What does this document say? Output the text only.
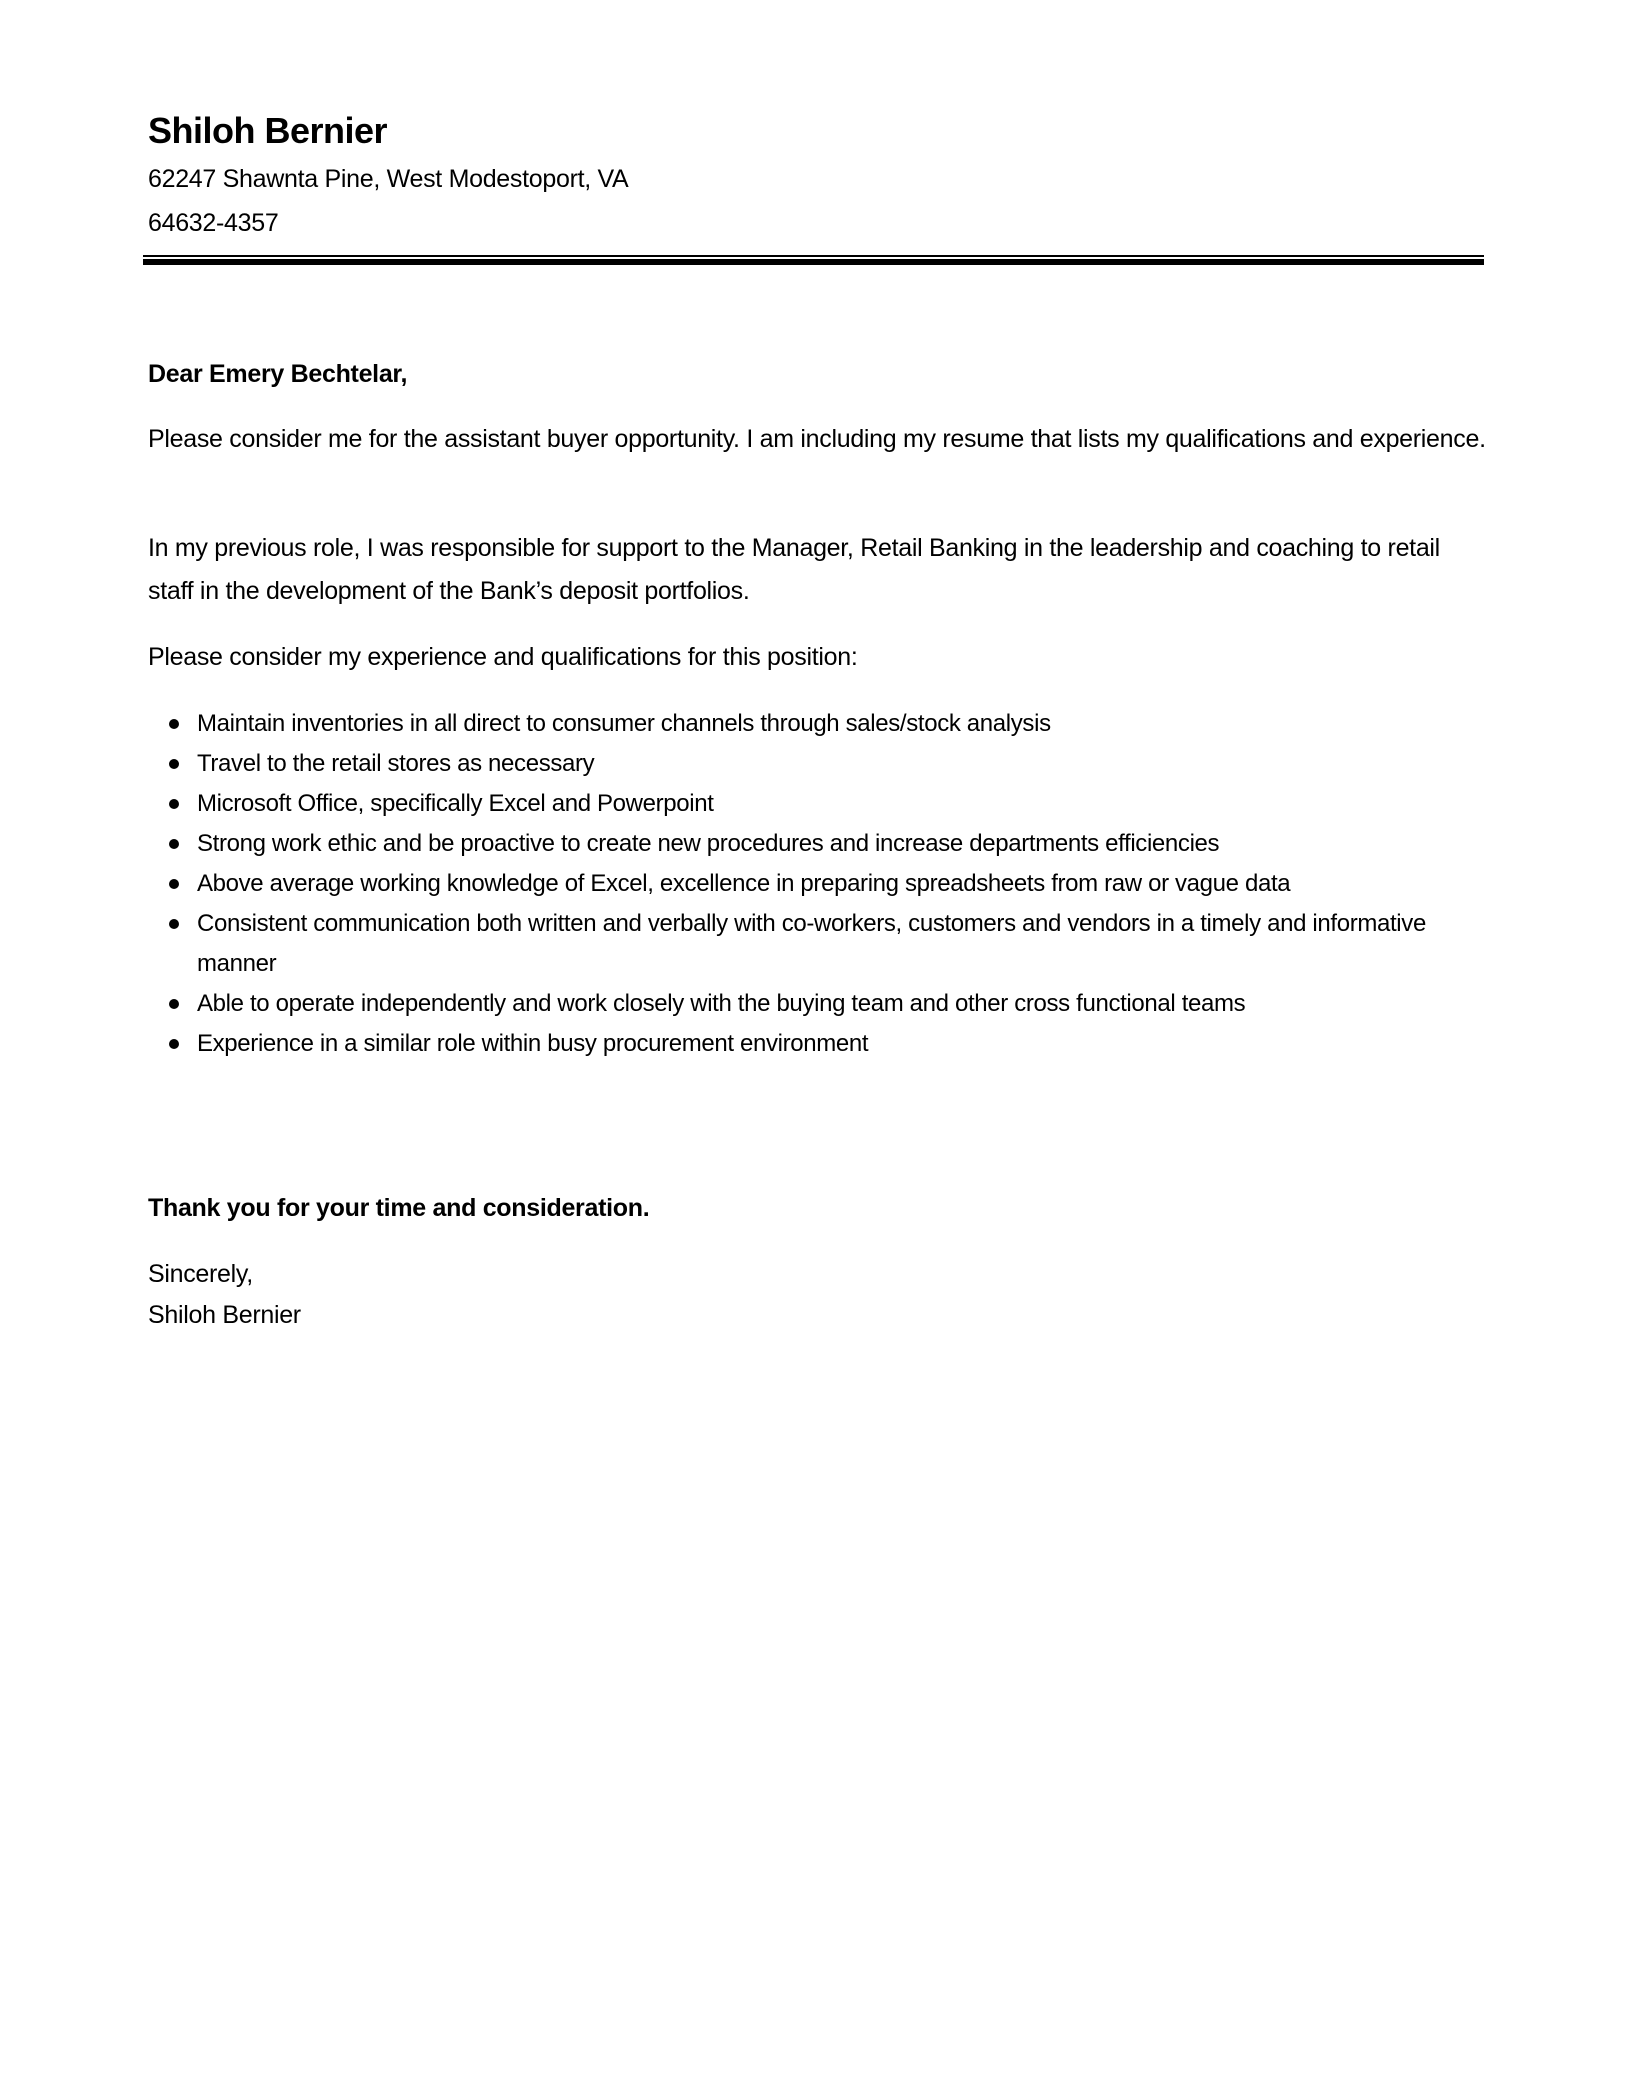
Shiloh Bernier
62247 Shawnta Pine, West Modestoport, VA
64632-4357
Dear Emery Bechtelar,
Please consider me for the assistant buyer opportunity. I am including my resume that lists my qualifications and experience.
In my previous role, I was responsible for support to the Manager, Retail Banking in the leadership and coaching to retail staff in the development of the Bank’s deposit portfolios.
Please consider my experience and qualifications for this position:
Maintain inventories in all direct to consumer channels through sales/stock analysis
Travel to the retail stores as necessary
Microsoft Office, specifically Excel and Powerpoint
Strong work ethic and be proactive to create new procedures and increase departments efficiencies
Above average working knowledge of Excel, excellence in preparing spreadsheets from raw or vague data
Consistent communication both written and verbally with co-workers, customers and vendors in a timely and informative manner
Able to operate independently and work closely with the buying team and other cross functional teams
Experience in a similar role within busy procurement environment
Thank you for your time and consideration.
Sincerely,
Shiloh Bernier
